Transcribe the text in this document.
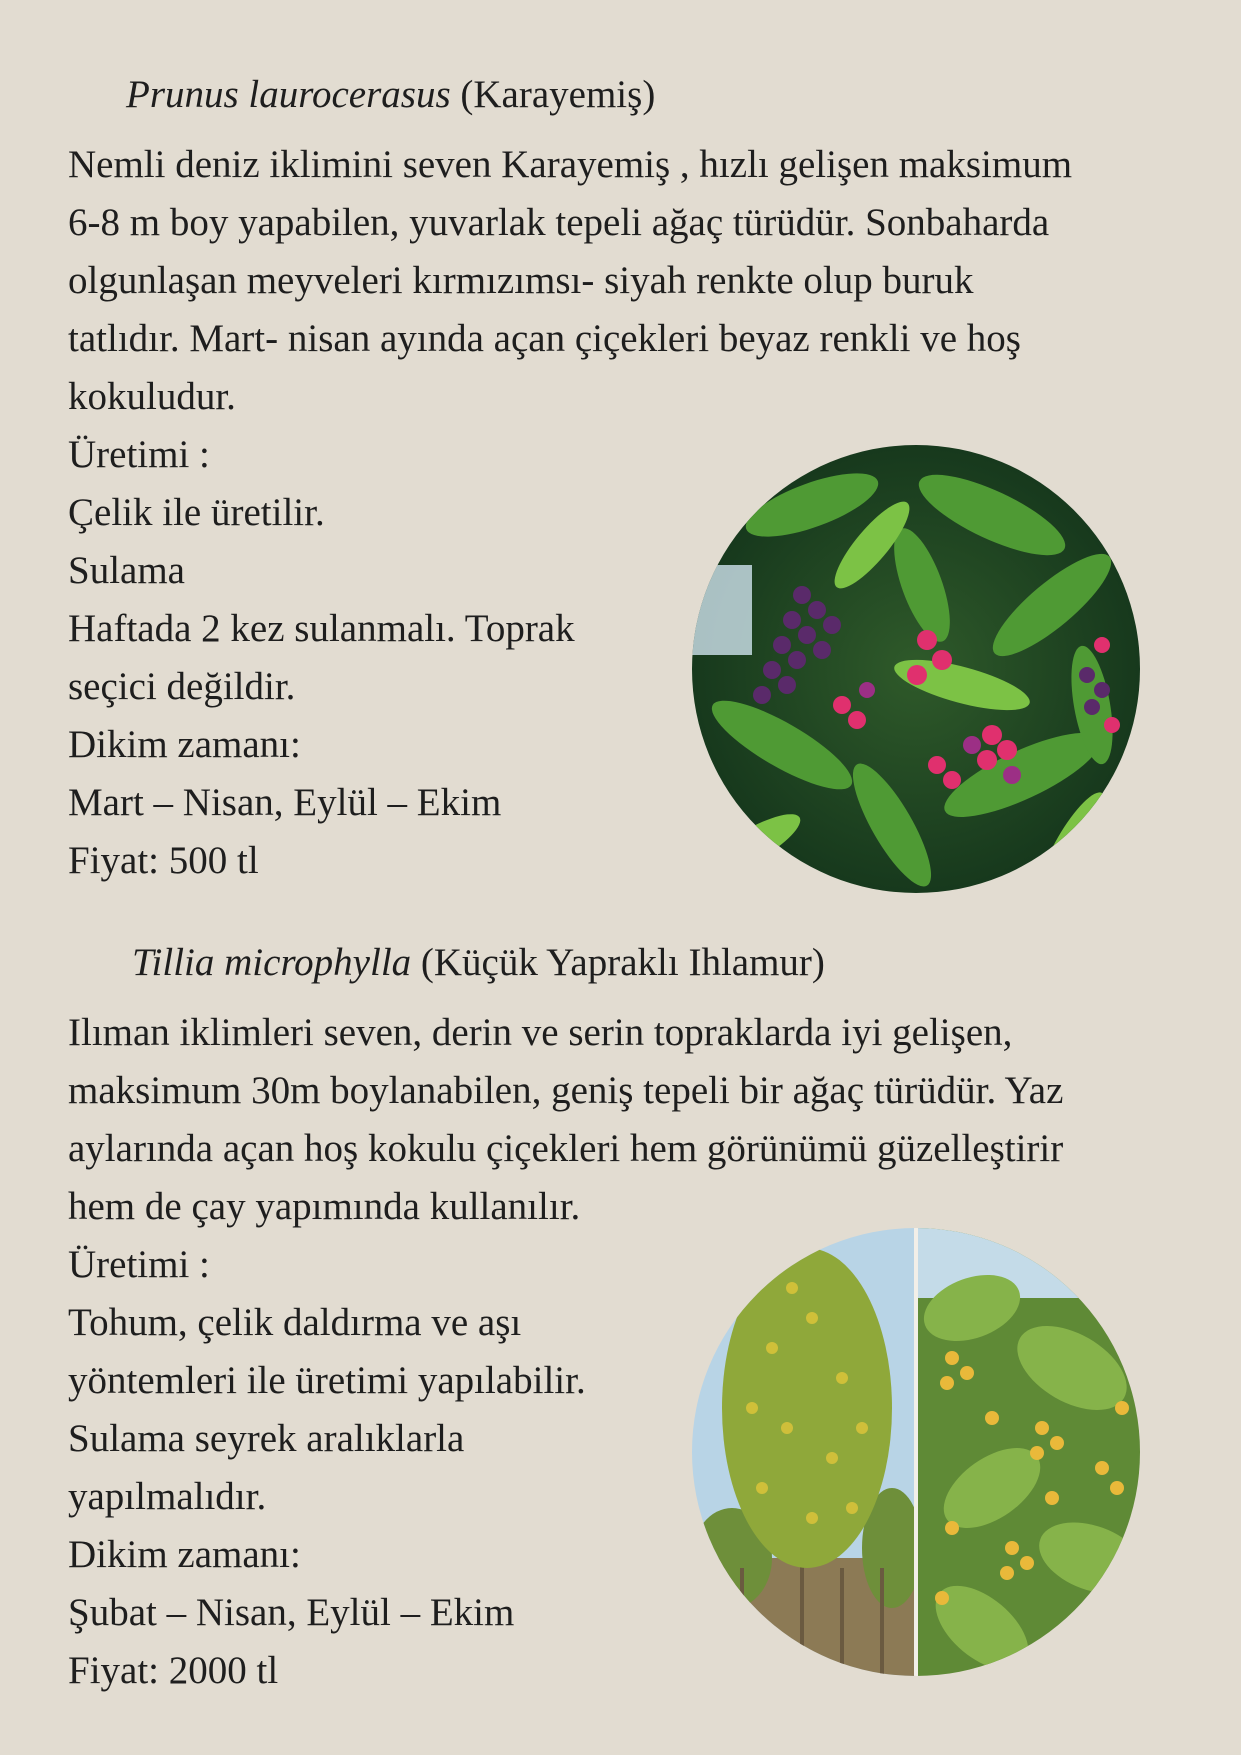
Prunus laurocerasus (Karayemiş)
Nemli deniz iklimini seven Karayemiş , hızlı gelişen maksimum
6-8 m boy yapabilen, yuvarlak tepeli ağaç türüdür. Sonbaharda
olgunlaşan meyveleri kırmızımsı- siyah renkte olup buruk
tatlıdır. Mart- nisan ayında açan çiçekleri beyaz renkli ve hoş
kokuludur.
Üretimi :
Çelik ile üretilir.
Sulama
Haftada 2 kez sulanmalı. Toprak
seçici değildir.
Dikim zamanı:
Mart – Nisan, Eylül – Ekim
Fiyat: 500 tl
Tillia microphylla (Küçük Yapraklı Ihlamur)
Ilıman iklimleri seven, derin ve serin topraklarda iyi gelişen,
maksimum 30m boylanabilen, geniş tepeli bir ağaç türüdür. Yaz
aylarında açan hoş kokulu çiçekleri hem görünümü güzelleştirir
hem de çay yapımında kullanılır.
Üretimi :
Tohum, çelik daldırma ve aşı
yöntemleri ile üretimi yapılabilir.
Sulama seyrek aralıklarla
yapılmalıdır.
Dikim zamanı:
Şubat – Nisan, Eylül – Ekim
Fiyat: 2000 tl
